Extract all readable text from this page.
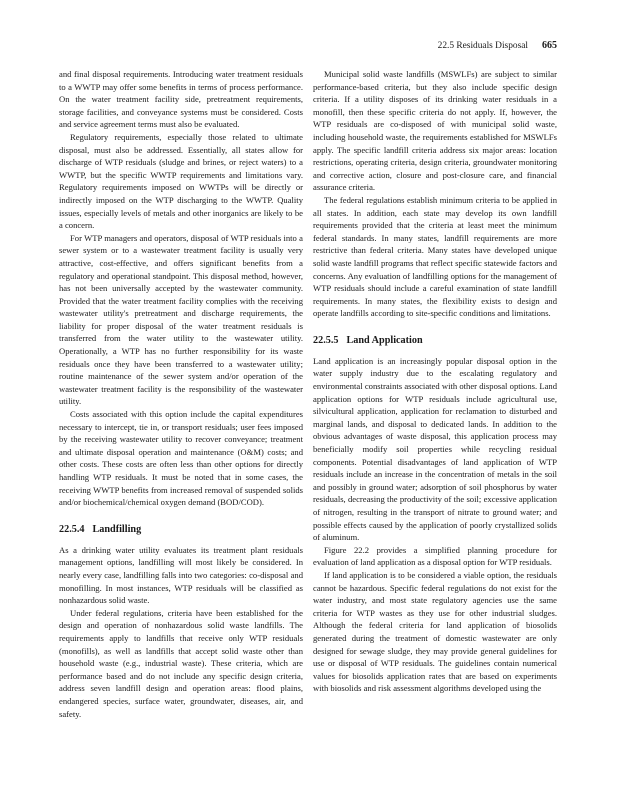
22.5 Residuals Disposal 665

and final disposal requirements. Introducing water treatment residuals to a WWTP may offer some benefits in terms of process performance. On the water treatment facility side, pretreatment requirements, storage facilities, and conveyance systems must be considered. Costs and service agreement terms must also be evaluated.

Regulatory requirements, especially those related to ultimate disposal, must also be addressed. Essentially, all states allow for discharge of WTP residuals (sludge and brines, or reject waters) to a WWTP, but the specific WWTP requirements and limitations vary. Regulatory requirements imposed on WWTPs will be directly or indirectly imposed on the WTP discharging to the WWTP. Quality issues, especially levels of metals and other inorganics are likely to be a concern.

For WTP managers and operators, disposal of WTP residuals into a sewer system or to a wastewater treatment facility is usually very attractive, cost-effective, and offers significant benefits from a regulatory and operational standpoint. This disposal method, however, has not been universally accepted by the wastewater community. Provided that the water treatment facility complies with the receiving wastewater utility's pretreatment and discharge requirements, the liability for proper disposal of the water treatment residuals is transferred from the water utility to the wastewater utility. Operationally, a WTP has no further responsibility for its waste residuals once they have been transferred to a wastewater utility; routine maintenance of the sewer system and/or operation of the wastewater treatment facility is the responsibility of the wastewater utility.

Costs associated with this option include the capital expenditures necessary to intercept, tie in, or transport residuals; user fees imposed by the receiving wastewater utility to recover conveyance; treatment and ultimate disposal operation and maintenance (O&M) costs; and other costs. These costs are often less than other options for directly handling WTP residuals. It must be noted that in some cases, the receiving WWTP benefits from increased removal of suspended solids and/or biochemical/chemical oxygen demand (BOD/COD).

22.5.4 Landfilling

As a drinking water utility evaluates its treatment plant residuals management options, landfilling will most likely be considered. In nearly every case, landfilling falls into two categories: co-disposal and monofilling. In most instances, WTP residuals will be classified as nonhazardous solid waste.

Under federal regulations, criteria have been established for the design and operation of nonhazardous solid waste landfills. The requirements apply to landfills that receive only WTP residuals (monofills), as well as landfills that accept solid waste other than household waste (e.g., industrial waste). These criteria, which are performance based and do not include any specific design criteria, address seven landfill design and operation areas: flood plains, endangered species, surface water, groundwater, diseases, air, and safety.

Municipal solid waste landfills (MSWLFs) are subject to similar performance-based criteria, but they also include specific design criteria. If a utility disposes of its drinking water residuals in a monofill, then these specific criteria do not apply. If, however, the WTP residuals are co-disposed of with municipal solid waste, including household waste, the requirements established for MSWLFs apply. The specific landfill criteria address six major areas: location restrictions, operating criteria, design criteria, groundwater monitoring and corrective action, closure and post-closure care, and financial assurance criteria.

The federal regulations establish minimum criteria to be applied in all states. In addition, each state may develop its own landfill requirements provided that the criteria at least meet the minimum federal standards. In many states, landfill requirements are more restrictive than federal criteria. Many states have developed unique solid waste landfill programs that reflect specific statewide factors and concerns. Any evaluation of landfilling options for the management of WTP residuals should include a careful examination of state landfill requirements. In many states, the flexibility exists to design and operate landfills according to site-specific conditions and limitations.

22.5.5 Land Application

Land application is an increasingly popular disposal option in the water supply industry due to the escalating regulatory and environmental constraints associated with other disposal options. Land application options for WTP residuals include agricultural use, silvicultural application, application for reclamation to disturbed and marginal lands, and disposal to dedicated lands. In addition to the obvious advantages of waste disposal, this application process may beneficially modify soil properties while recycling residual components. Potential disadvantages of land application of WTP residuals include an increase in the concentration of metals in the soil and possibly in ground water; adsorption of soil phosphorus by water residuals, decreasing the productivity of the soil; excessive application of nitrogen, resulting in the transport of nitrate to ground water; and possible effects caused by the application of poorly crystallized solids of aluminum.

Figure 22.2 provides a simplified planning procedure for evaluation of land application as a disposal option for WTP residuals.

If land application is to be considered a viable option, the residuals cannot be hazardous. Specific federal regulations do not exist for the water industry, and most state regulatory agencies use the same criteria for WTP wastes as they use for other industrial sludges. Although the federal criteria for land application of biosolids generated during the treatment of domestic wastewater are only designed for sewage sludge, they may provide general guidelines for use or disposal of WTP residuals. The guidelines contain numerical values for biosolids application rates that are based on experiments with biosolids and risk assessment algorithms developed using the
